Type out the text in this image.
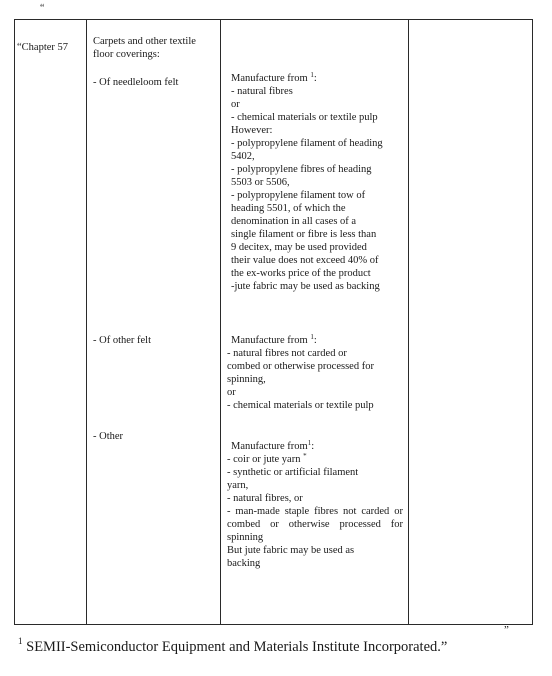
“
“Chapter 57
Carpets and other textile
floor coverings:
- Of needleloom felt
- Of other felt
- Other
Manufacture from $^1$:
- natural fibres
or
- chemical materials or textile pulp
However:
- polypropylene filament of heading
5402,
- polypropylene fibres of heading
5503 or 5506,
- polypropylene filament tow of
heading 5501, of which the
denomination in all cases of a
single filament or fibre is less than
9 decitex, may be used provided
their value does not exceed 40% of
the ex-works price of the product
-jute fabric may be used as backing
Manufacture from $^1$:
- natural fibres not carded or
combed or otherwise processed for
spinning,
or
- chemical materials or textile pulp
Manufacture from$^1$:
- coir or jute yarn *
- synthetic or artificial filament
yarn,
- natural fibres, or
- man-made staple fibres not carded or combed or otherwise processed for spinning
But jute fabric may be used as
backing
”
$^1$ SEMII-Semiconductor Equipment and Materials Institute Incorporated.”
